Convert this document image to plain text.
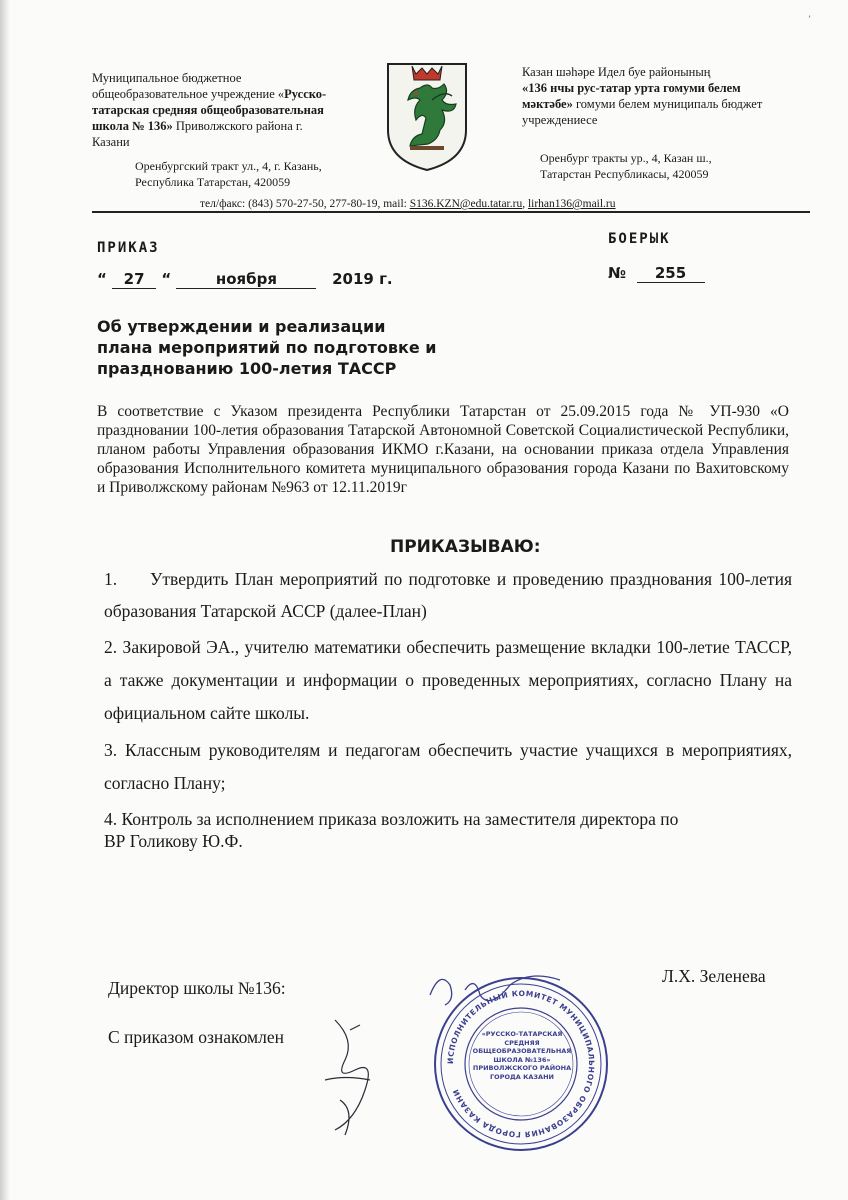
’
Муниципальное бюджетное
общеобразовательное учреждение «Русско-
татарская средняя общеобразовательная
школа № 136» Приволжского района г.
Казани
Оренбургский тракт ул., 4, г. Казань,
Республика Татарстан, 420059
Казан шәһәре Идел буе районының
«136 нчы рус-татар урта гомуми белем
мәктәбе» гомуми белем муниципаль бюджет
учреждениесе
Оренбург тракты ур., 4, Казан ш.,
Татарстан Республикасы, 420059
тел/факс: (843) 570-27-50, 277-80-19, mail: S136.KZN@edu.tatar.ru, lirhan136@mail.ru
ПРИКАЗ
БОЕРЫК
“ 27 “	ноября	2019 г.	№ 255
Об утверждении и реализации
плана мероприятий по подготовке и
празднованию 100-летия ТАССР
В соответствие с Указом президента Республики Татарстан от 25.09.2015 года № УП-930 «О праздновании 100-летия образования Татарской Автономной Советской Социалистической Республики, планом работы Управления образования ИКМО г.Казани, на основании приказа отдела Управления образования Исполнительного комитета муниципального образования города Казани по Вахитовскому и Приволжскому районам №963 от 12.11.2019г
ПРИКАЗЫВАЮ:

1. Утвердить План мероприятий по подготовке и проведению празднования 100-летия образования Татарской АССР (далее-План)

2. Закировой ЭА., учителю математики обеспечить размещение вкладки 100-летие ТАССР, а также документации и информации о проведенных мероприятиях, согласно Плану на официальном сайте школы.

3. Классным руководителям и педагогам обеспечить участие учащихся в мероприятиях, согласно Плану;

4. Контроль за исполнением приказа возложить на заместителя директора по
ВР Голикову Ю.Ф.

Директор школы №136:
Л.Х. Зеленева
С приказом ознакомлен
ИСПОЛНИТЕЛЬНЫЙ КОМИТЕТ МУНИЦИПАЛЬНОГО ОБРАЗОВАНИЯ ГОРОДА КАЗАНИ
«РУССКО-ТАТАРСКАЯ
СРЕДНЯЯ
ОБЩЕОБРАЗОВАТЕЛЬНАЯ
ШКОЛА №136»
ПРИВОЛЖСКОГО РАЙОНА
ГОРОДА КАЗАНИ
